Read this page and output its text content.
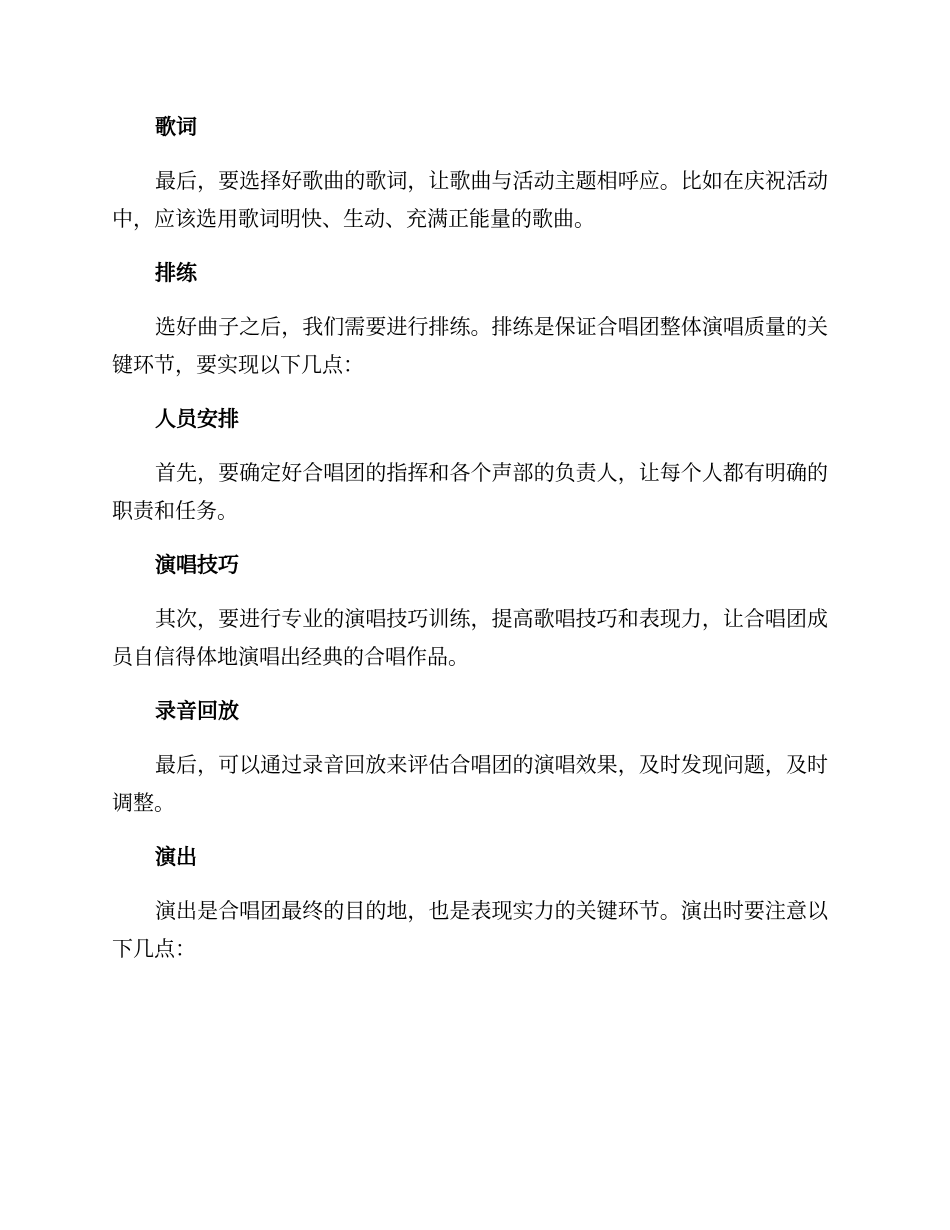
歌词

最后，要选择好歌曲的歌词，让歌曲与活动主题相呼应。比如在庆祝活动中，应该选用歌词明快、生动、充满正能量的歌曲。

排练

选好曲子之后，我们需要进行排练。排练是保证合唱团整体演唱质量的关键环节，要实现以下几点：

人员安排

首先，要确定好合唱团的指挥和各个声部的负责人，让每个人都有明确的职责和任务。

演唱技巧

其次，要进行专业的演唱技巧训练，提高歌唱技巧和表现力，让合唱团成员自信得体地演唱出经典的合唱作品。

录音回放

最后，可以通过录音回放来评估合唱团的演唱效果，及时发现问题，及时调整。

演出

演出是合唱团最终的目的地，也是表现实力的关键环节。演出时要注意以下几点：
